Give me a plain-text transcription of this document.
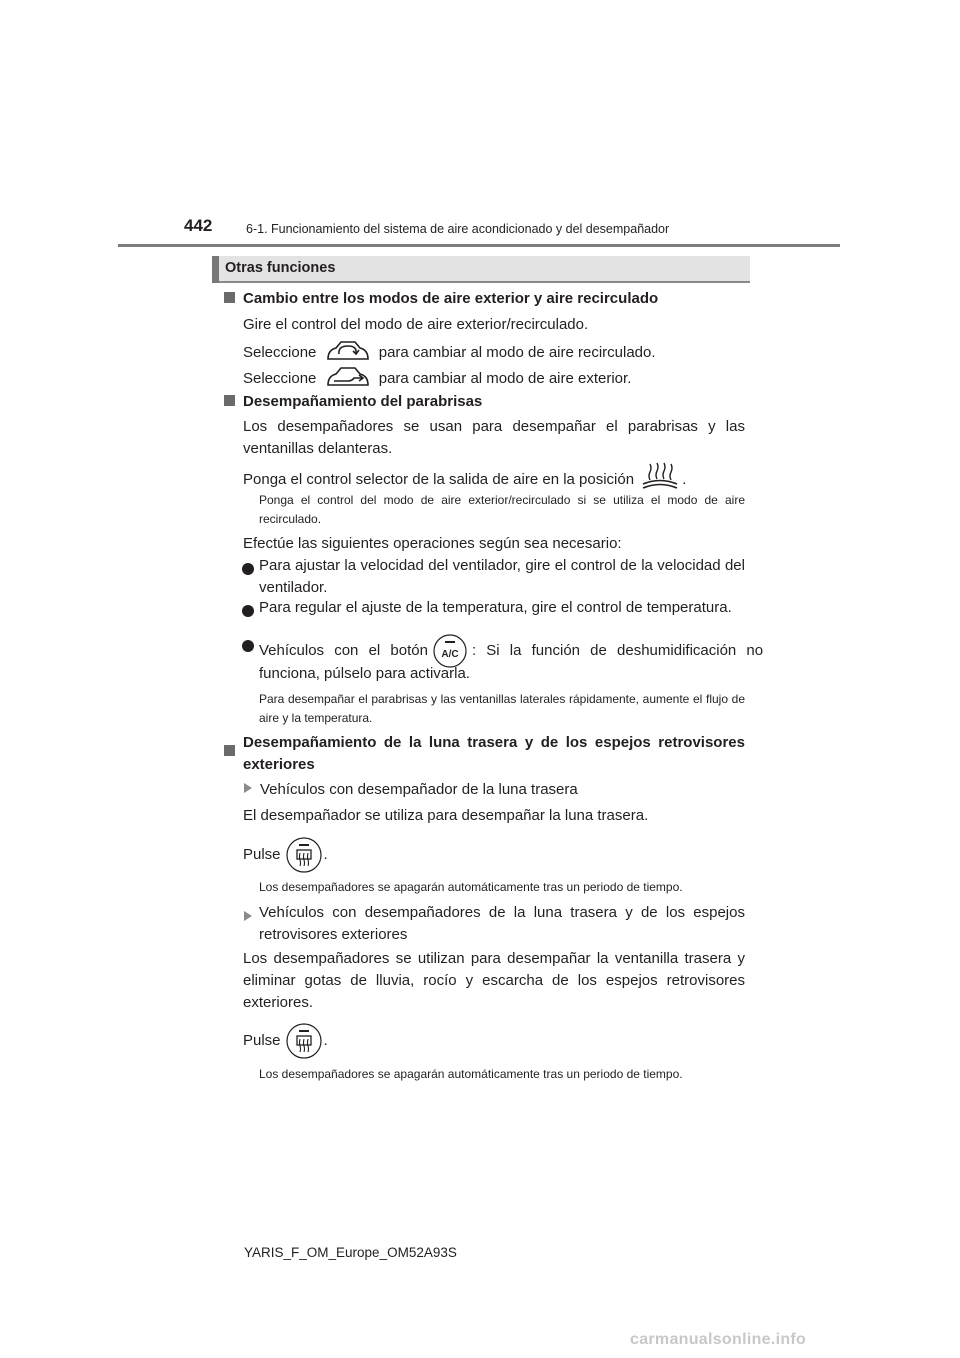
442	6-1. Funcionamiento del sistema de aire acondicionado y del desempañador
Otras funciones
Cambio entre los modos de aire exterior y aire recirculado
Gire el control del modo de aire exterior/recirculado.
Seleccione	para cambiar al modo de aire recirculado.
Seleccione	para cambiar al modo de aire exterior.
Desempañamiento del parabrisas
Los desempañadores se usan para desempañar el parabrisas y las ventanillas delanteras.
Ponga el control selector de la salida de aire en la posición	.
Ponga el control del modo de aire exterior/recirculado si se utiliza el modo de aire recirculado.
Efectúe las siguientes operaciones según sea necesario:
Para ajustar la velocidad del ventilador, gire el control de la velocidad del ventilador.
Para regular el ajuste de la temperatura, gire el control de temperatura.
Vehículos con el botón A/C : Si la función de deshumidificación no
funciona, púlselo para activarla.
Para desempañar el parabrisas y las ventanillas laterales rápidamente, aumente el flujo de aire y la temperatura.
Desempañamiento de la luna trasera y de los espejos retrovisores exteriores
Vehículos con desempañador de la luna trasera
El desempañador se utiliza para desempañar la luna trasera.
Pulse	.
Los desempañadores se apagarán automáticamente tras un periodo de tiempo.
Vehículos con desempañadores de la luna trasera y de los espejos retrovisores exteriores
Los desempañadores se utilizan para desempañar la ventanilla trasera y eliminar gotas de lluvia, rocío y escarcha de los espejos retrovisores exteriores.
Pulse	.
Los desempañadores se apagarán automáticamente tras un periodo de tiempo.
YARIS_F_OM_Europe_OM52A93S
carmanualsonline.info
